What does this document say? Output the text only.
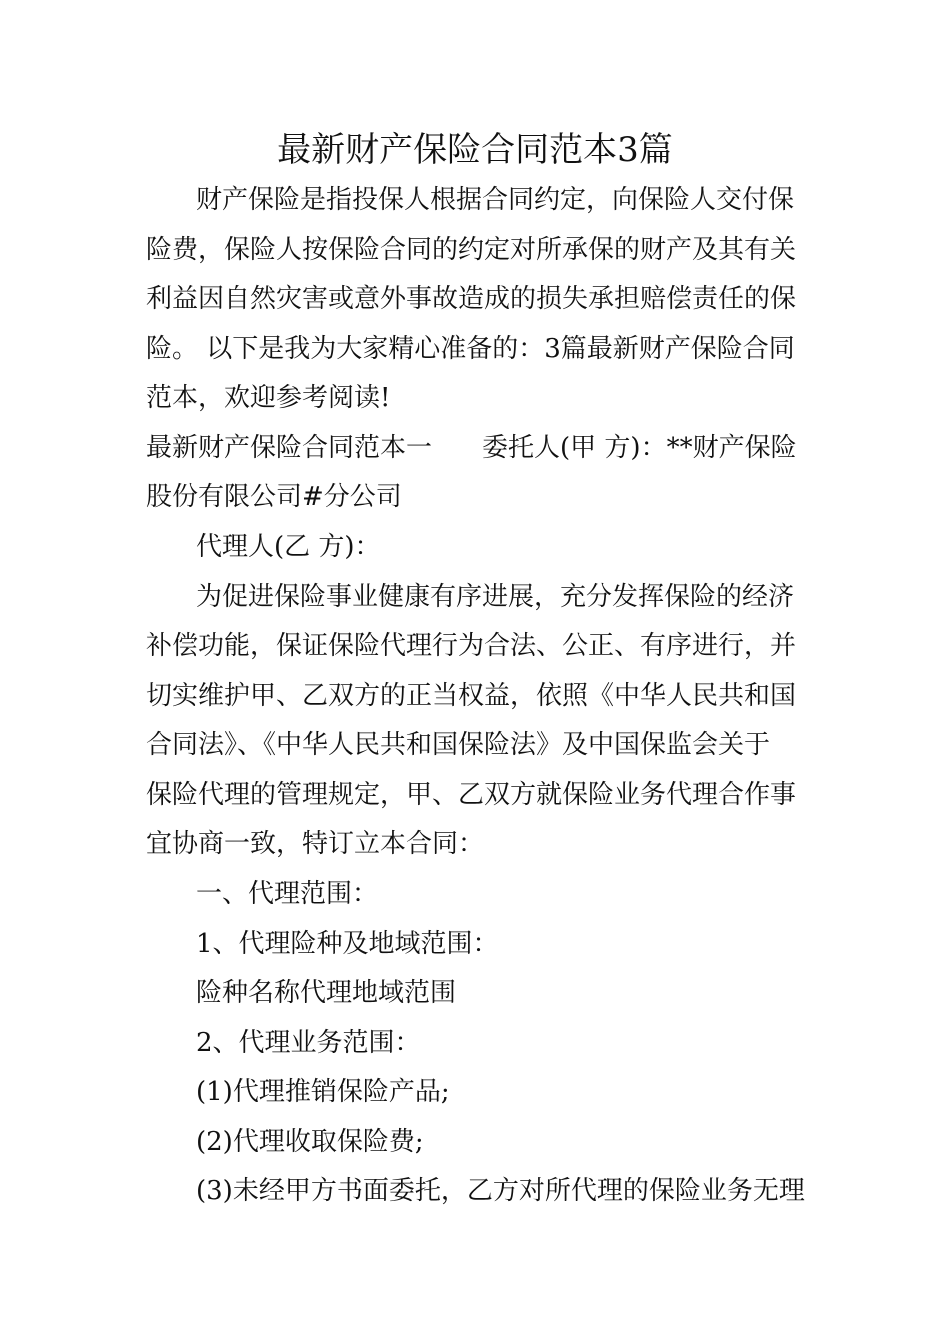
最新财产保险合同范本3篇
财产保险是指投保人根据合同约定，向保险人交付保
险费，保险人按保险合同的约定对所承保的财产及其有关
利益因自然灾害或意外事故造成的损失承担赔偿责任的保
险。 以下是我为大家精心准备的：3篇最新财产保险合同
范本，欢迎参考阅读!
最新财产保险合同范本一 委托人(甲 方)：**财产保险
股份有限公司#分公司
代理人(乙 方)：
为促进保险事业健康有序进展，充分发挥保险的经济
补偿功能，保证保险代理行为合法、公正、有序进行，并
切实维护甲、乙双方的正当权益，依照《中华人民共和国
合同法》、《中华人民共和国保险法》及中国保监会关于
保险代理的管理规定，甲、乙双方就保险业务代理合作事
宜协商一致，特订立本合同：
一、代理范围：
1、代理险种及地域范围：
险种名称代理地域范围
2、代理业务范围：
(1)代理推销保险产品;
(2)代理收取保险费;
(3)未经甲方书面委托，乙方对所代理的保险业务无理
